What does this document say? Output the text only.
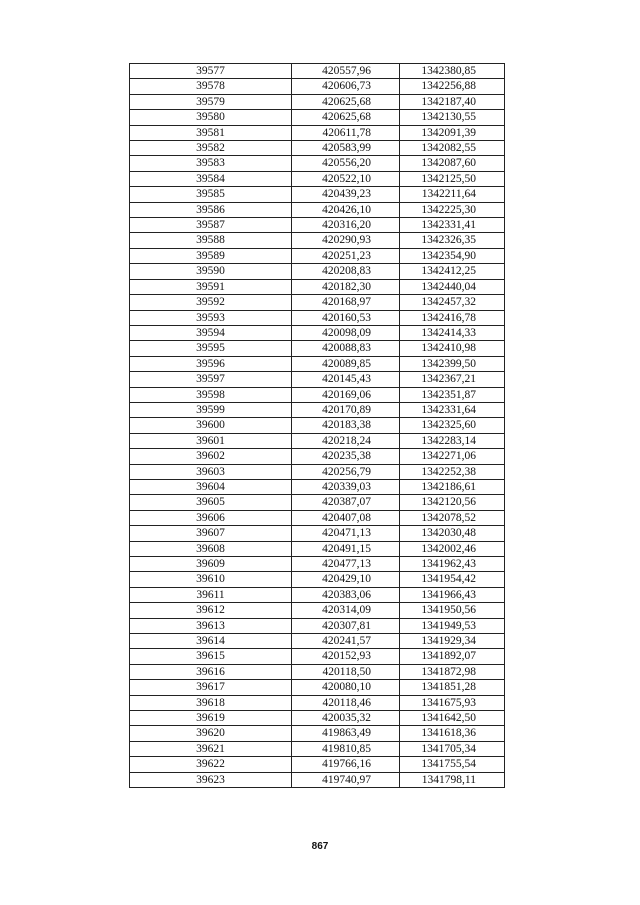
39577	420557,96	1342380,85
39578	420606,73	1342256,88
39579	420625,68	1342187,40
39580	420625,68	1342130,55
39581	420611,78	1342091,39
39582	420583,99	1342082,55
39583	420556,20	1342087,60
39584	420522,10	1342125,50
39585	420439,23	1342211,64
39586	420426,10	1342225,30
39587	420316,20	1342331,41
39588	420290,93	1342326,35
39589	420251,23	1342354,90
39590	420208,83	1342412,25
39591	420182,30	1342440,04
39592	420168,97	1342457,32
39593	420160,53	1342416,78
39594	420098,09	1342414,33
39595	420088,83	1342410,98
39596	420089,85	1342399,50
39597	420145,43	1342367,21
39598	420169,06	1342351,87
39599	420170,89	1342331,64
39600	420183,38	1342325,60
39601	420218,24	1342283,14
39602	420235,38	1342271,06
39603	420256,79	1342252,38
39604	420339,03	1342186,61
39605	420387,07	1342120,56
39606	420407,08	1342078,52
39607	420471,13	1342030,48
39608	420491,15	1342002,46
39609	420477,13	1341962,43
39610	420429,10	1341954,42
39611	420383,06	1341966,43
39612	420314,09	1341950,56
39613	420307,81	1341949,53
39614	420241,57	1341929,34
39615	420152,93	1341892,07
39616	420118,50	1341872,98
39617	420080,10	1341851,28
39618	420118,46	1341675,93
39619	420035,32	1341642,50
39620	419863,49	1341618,36
39621	419810,85	1341705,34
39622	419766,16	1341755,54
39623	419740,97	1341798,11
867
